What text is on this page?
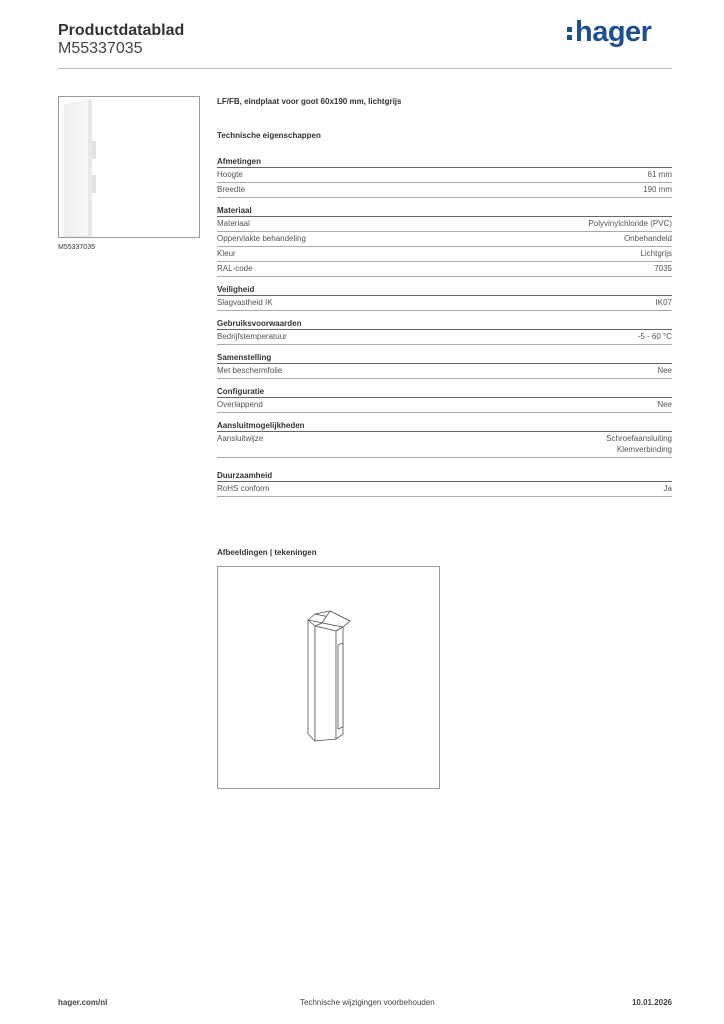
Productdatablad
M55337035
hager
M55337035
LF/FB, eindplaat voor goot 60x190 mm, lichtgrijs
Technische eigenschappen
Afmetingen
Hoogte	61 mm
Breedte	190 mm
Materiaal
Materiaal	Polyvinylchloride (PVC)
Oppervlakte behandeling	Onbehandeld
Kleur	Lichtgrijs
RAL-code	7035
Veiligheid
Slagvastheid IK	IK07
Gebruiksvoorwaarden
Bedrijfstemperatuur	-5 - 60 °C
Samenstelling
Met beschermfolie	Nee
Configuratie
Overlappend	Nee
Aansluitmogelijkheden
Aansluitwijze	Schroefaansluiting
Klemverbinding
Duurzaamheid
RoHS conform	Ja
Afbeeldingen | tekeningen
hager.com/nl	Technische wijzigingen voorbehouden	10.01.2026
